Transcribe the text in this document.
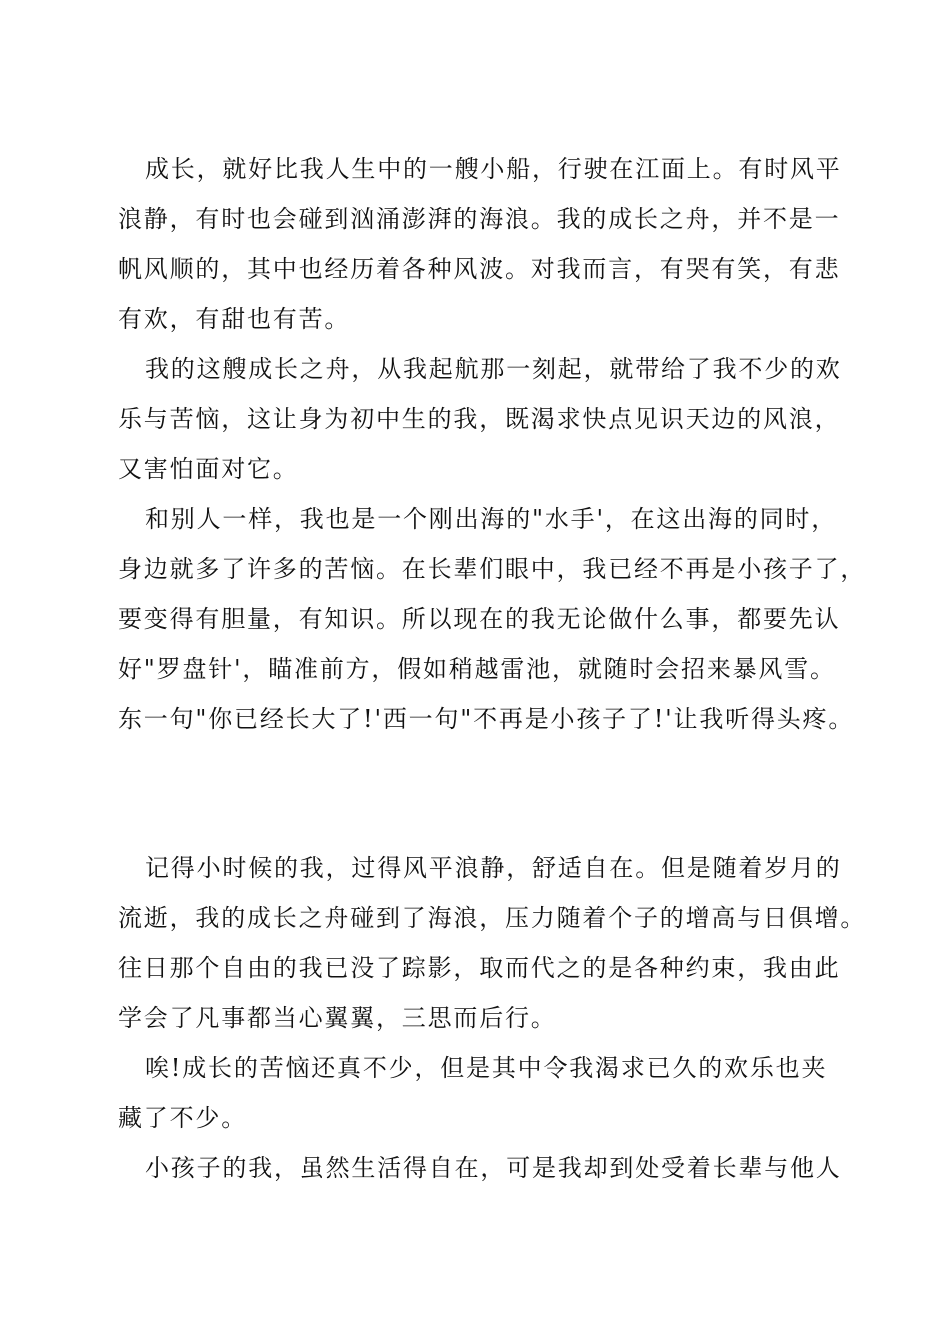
成长，就好比我人生中的一艘小船，行驶在江面上。有时风平
浪静，有时也会碰到汹涌澎湃的海浪。我的成长之舟，并不是一
帆风顺的，其中也经历着各种风波。对我而言，有哭有笑，有悲
有欢，有甜也有苦。

我的这艘成长之舟，从我起航那一刻起，就带给了我不少的欢
乐与苦恼，这让身为初中生的我，既渴求快点见识天边的风浪，
又害怕面对它。

和别人一样，我也是一个刚出海的"水手'，在这出海的同时，
身边就多了许多的苦恼。在长辈们眼中，我已经不再是小孩子了，
要变得有胆量，有知识。所以现在的我无论做什么事，都要先认
好"罗盘针'，瞄准前方，假如稍越雷池，就随时会招来暴风雪。
东一句"你已经长大了!'西一句"不再是小孩子了!'让我听得头疼。

记得小时候的我，过得风平浪静，舒适自在。但是随着岁月的
流逝，我的成长之舟碰到了海浪，压力随着个子的增高与日俱增。
往日那个自由的我已没了踪影，取而代之的是各种约束，我由此
学会了凡事都当心翼翼，三思而后行。

唉!成长的苦恼还真不少，但是其中令我渴求已久的欢乐也夹
藏了不少。

小孩子的我，虽然生活得自在，可是我却到处受着长辈与他人
